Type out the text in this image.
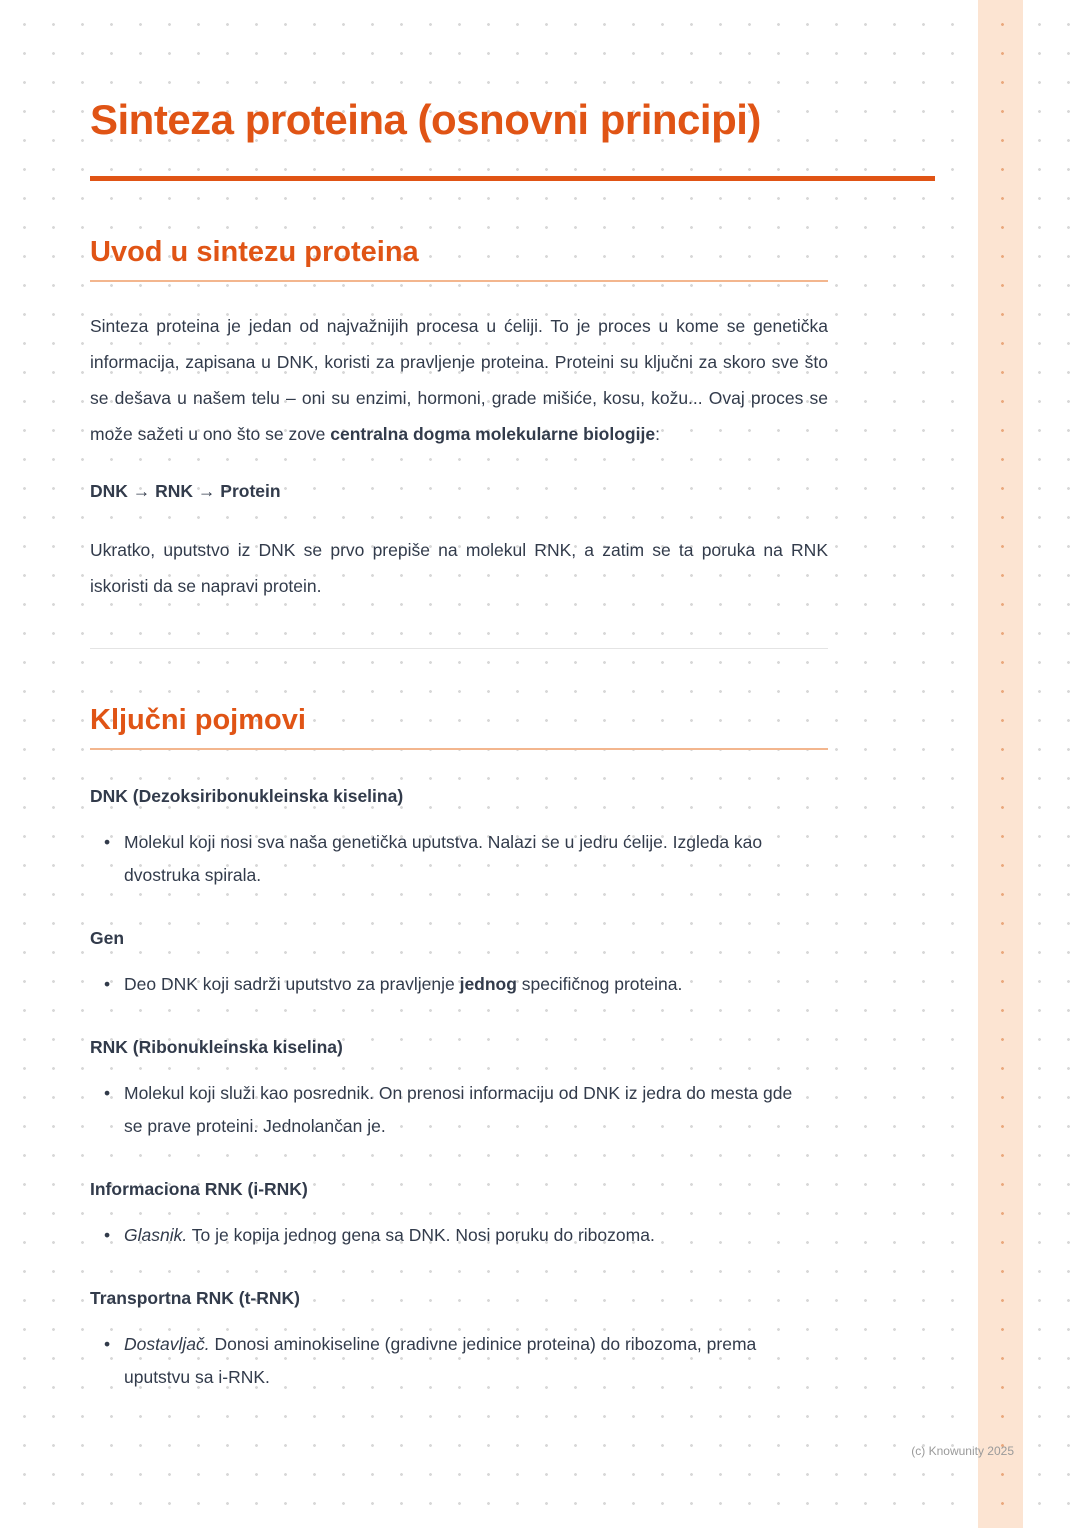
Sinteza proteina (osnovni principi)
Uvod u sintezu proteina

Sinteza proteina je jedan od najvažnijih procesa u ćeliji. To je proces u kome se genetička informacija, zapisana u DNK, koristi za pravljenje proteina. Proteini su ključni za skoro sve što se dešava u našem telu – oni su enzimi, hormoni, grade mišiće, kosu, kožu... Ovaj proces se može sažeti u ono što se zove centralna dogma molekularne biologije:

DNK → RNK → Protein

Ukratko, uputstvo iz DNK se prvo prepiše na molekul RNK, a zatim se ta poruka na RNK iskoristi da se napravi protein.

Ključni pojmovi

DNK (Dezoksiribonukleinska kiselina)

• Molekul koji nosi sva naša genetička uputstva. Nalazi se u jedru ćelije. Izgleda kao dvostruka spirala.

Gen

• Deo DNK koji sadrži uputstvo za pravljenje jednog specifičnog proteina.

RNK (Ribonukleinska kiselina)

• Molekul koji služi kao posrednik. On prenosi informaciju od DNK iz jedra do mesta gde se prave proteini. Jednolančan je.

Informaciona RNK (i-RNK)

• Glasnik. To je kopija jednog gena sa DNK. Nosi poruku do ribozoma.

Transportna RNK (t-RNK)

• Dostavljač. Donosi aminokiseline (gradivne jedinice proteina) do ribozoma, prema uputstvu sa i-RNK.
(c) Knowunity 2025
